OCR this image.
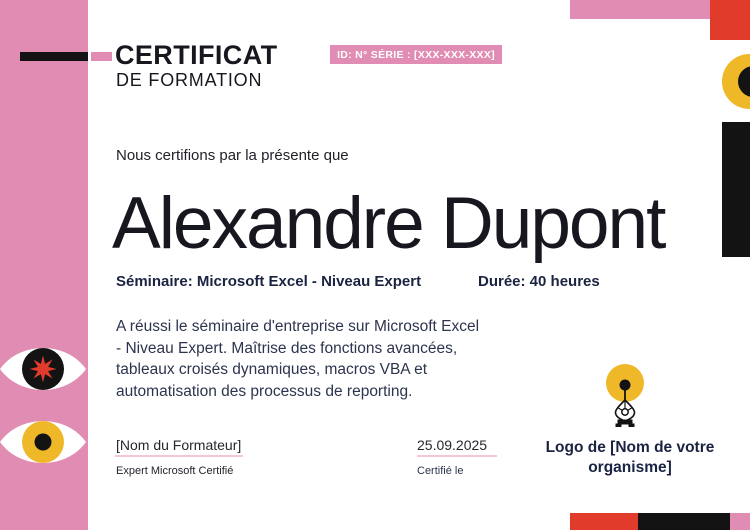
CERTIFICAT
DE FORMATION
ID: N° SÉRIE : [XXX-XXX-XXX]
Nous certifions par la présente que
Alexandre Dupont
Séminaire: Microsoft Excel - Niveau Expert	Durée: 40 heures
A réussi le séminaire d'entreprise sur Microsoft Excel
- Niveau Expert. Maîtrise des fonctions avancées,
tableaux croisés dynamiques, macros VBA et
automatisation des processus de reporting.
[Nom du Formateur]
Expert Microsoft Certifié
25.09.2025
Certifié le
Logo de [Nom de votre
organisme]
